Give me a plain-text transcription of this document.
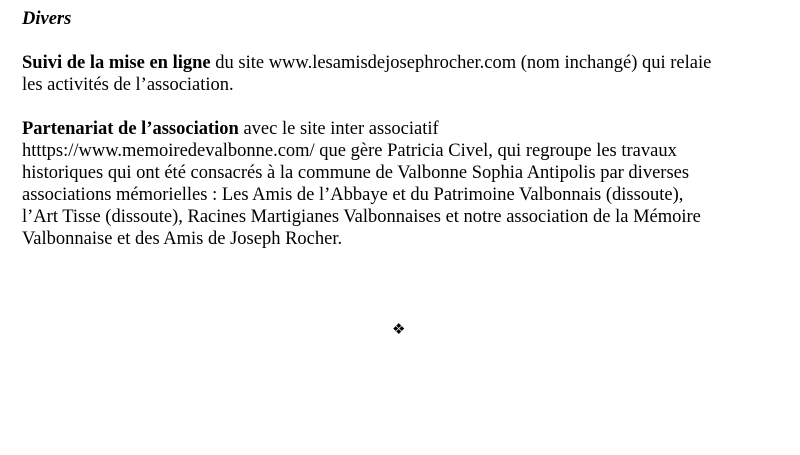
Divers

Suivi de la mise en ligne du site www.lesamisdejosephrocher.com (nom inchangé) qui relaie
les activités de l’association.

Partenariat de l’association avec le site inter associatif
htttps://www.memoiredevalbonne.com/ que gère Patricia Civel, qui regroupe les travaux
historiques qui ont été consacrés à la commune de Valbonne Sophia Antipolis par diverses
associations mémorielles : Les Amis de l’Abbaye et du Patrimoine Valbonnais (dissoute),
l’Art Tisse (dissoute), Racines Martigianes Valbonnaises et notre association de la Mémoire
Valbonnaise et des Amis de Joseph Rocher.

❖
